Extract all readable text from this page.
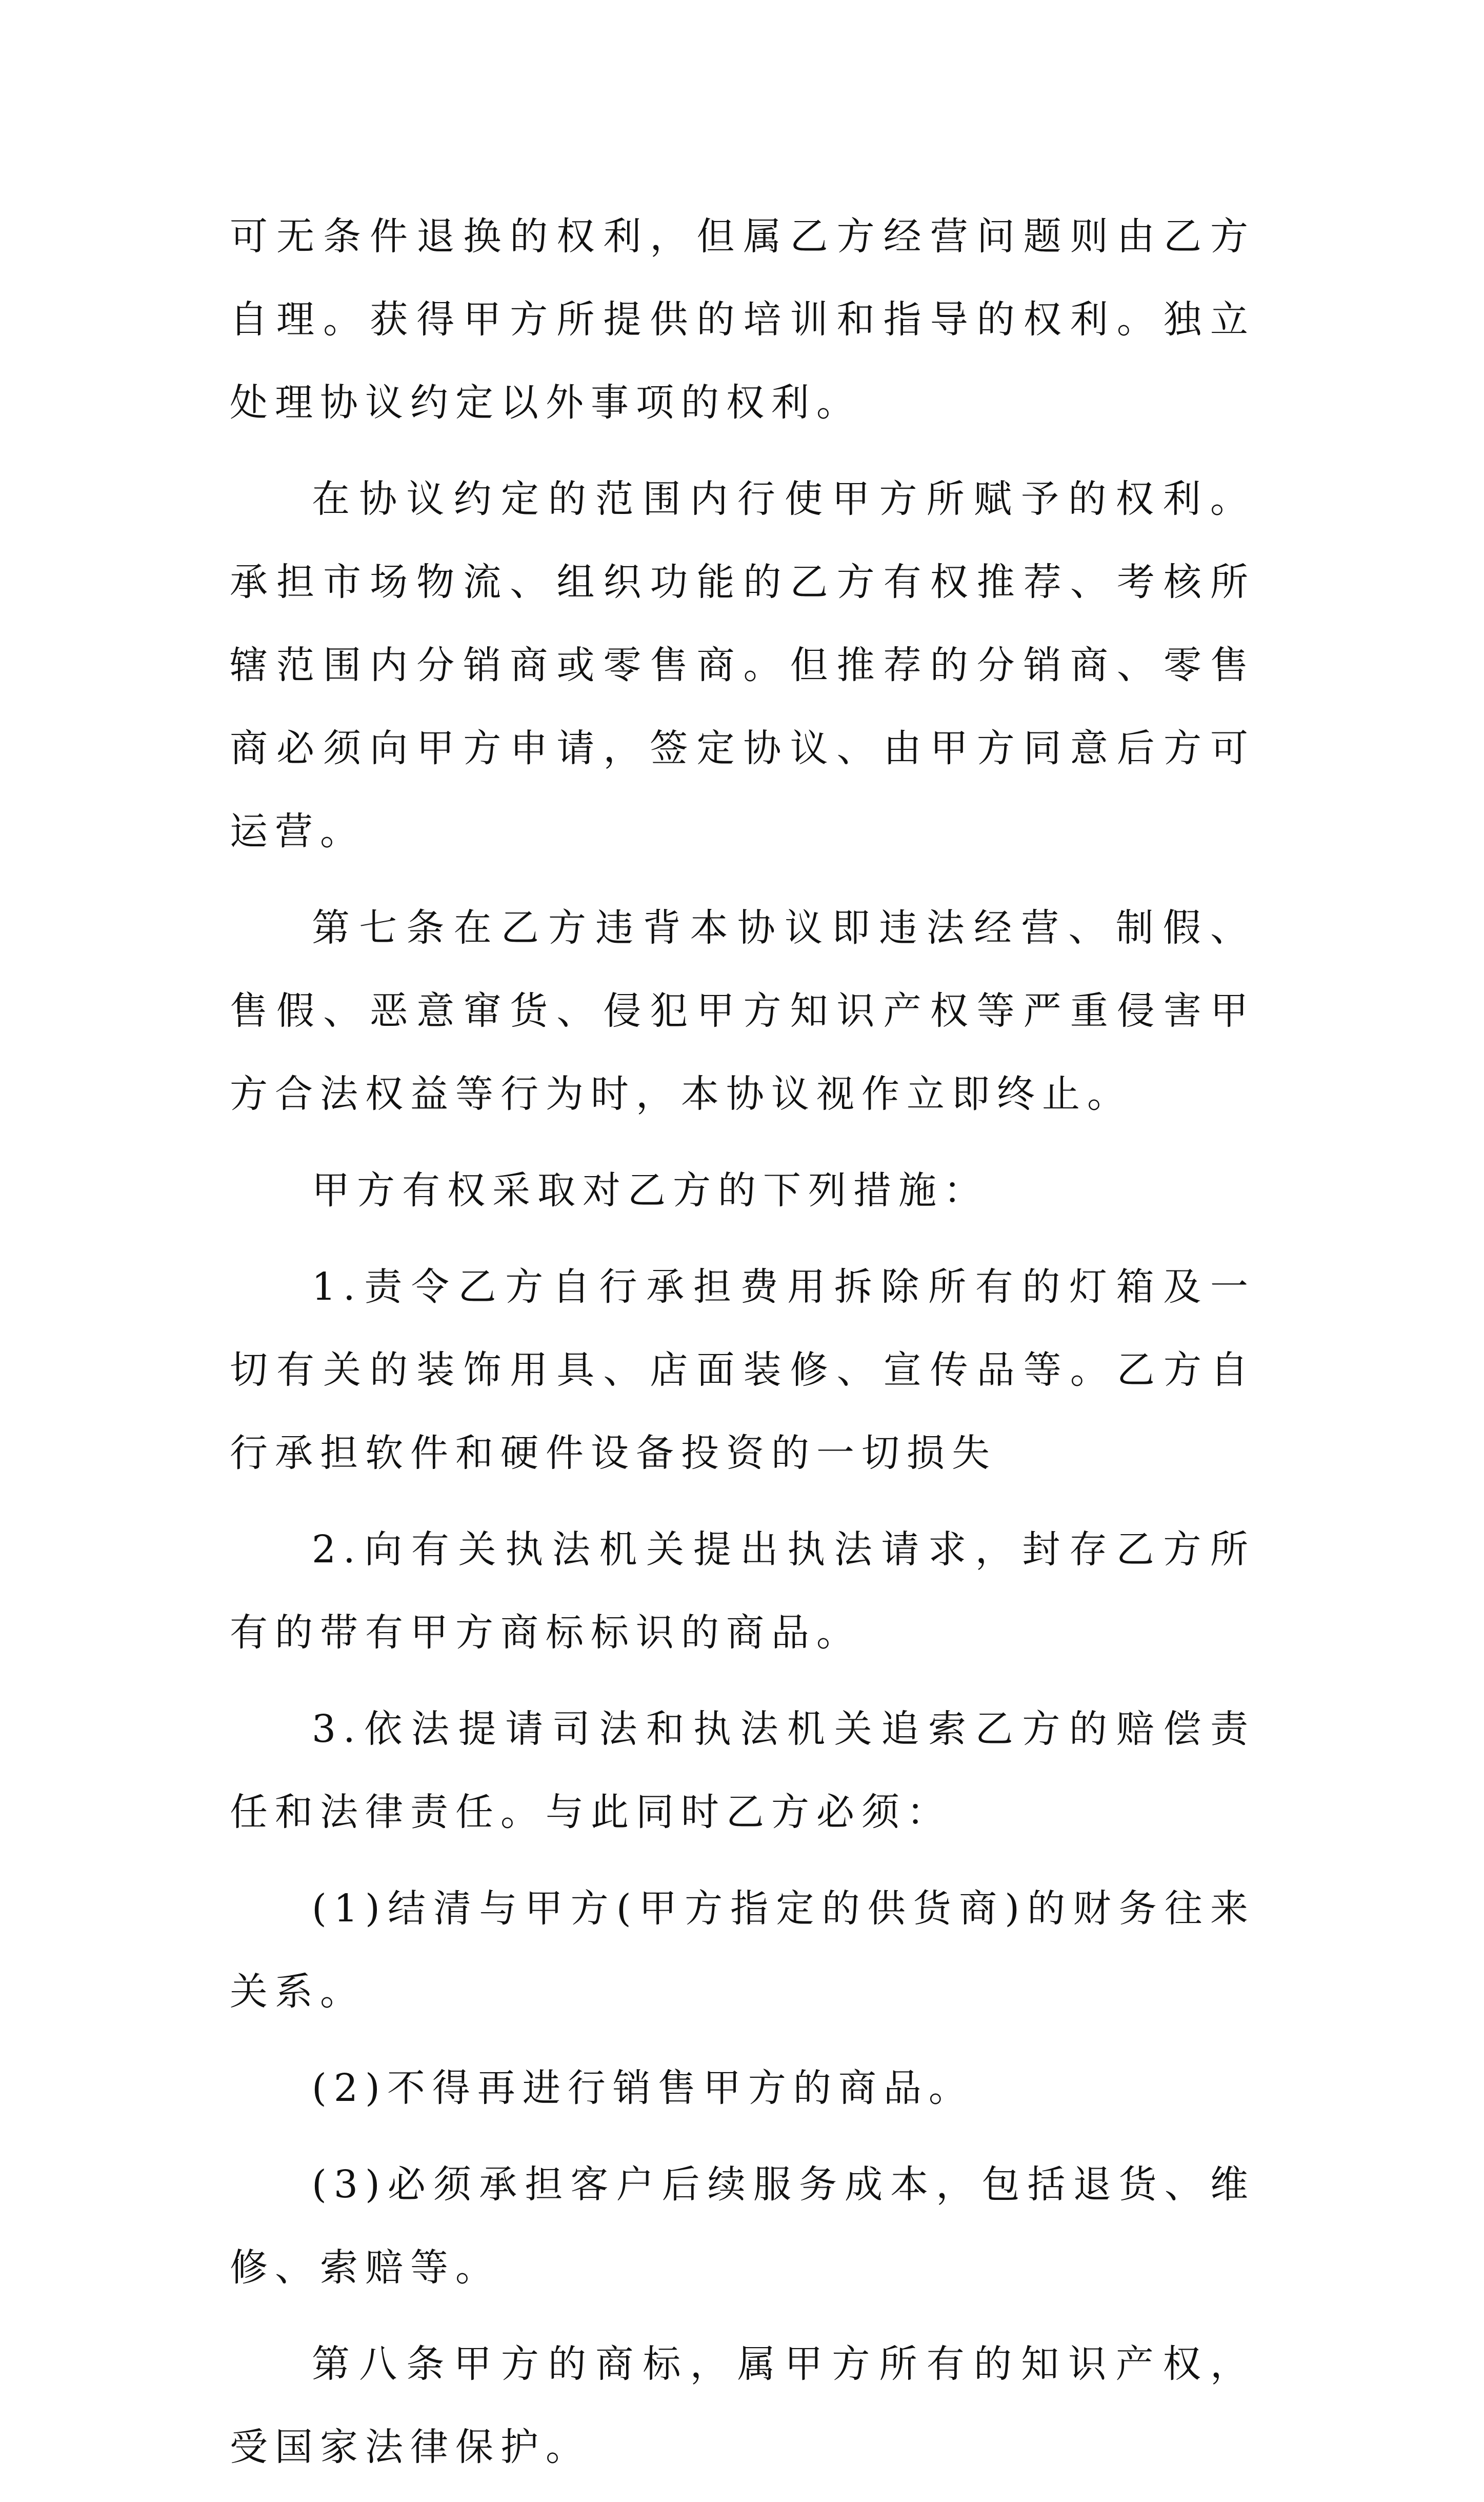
可无条件退换的权利，但属乙方经营问题则由乙方自理。获得甲方所提供的培训和指导的权利。独立处理协议约定以外事项的权利。

在协议约定的范围内行使甲方所赋予的权利。承担市场物流、组织功能的乙方有权推荐、考核所辖范围内分销商或零售商。但推荐的分销商、零售商必须向甲方申请，签定协议、由甲方同意后方可运营。

第七条在乙方违背本协议即违法经营、制假、售假、恶意窜货、侵犯甲方知识产权等严重侵害甲方合法权益等行为时，本协议视作立即终止。

甲方有权采取对乙方的下列措施：

1.责令乙方自行承担费用拆除所有的灯箱及一切有关的装饰用具、店面装修、宣传品等。乙方自行承担软件和硬件设备投资的一切损失

2.向有关执法机关提出执法请求，封存乙方所有的带有甲方商标标识的商品。

3.依法提请司法和执法机关追索乙方的赔偿责任和法律责任。与此同时乙方必须：

(1)结清与甲方(甲方指定的供货商)的财务往来关系。

(2)不得再进行销售甲方的商品。

(3)必须承担客户后续服务成本，包括退货、维修、索赔等。

第八条甲方的商标，属甲方所有的知识产权，受国家法律保护。
